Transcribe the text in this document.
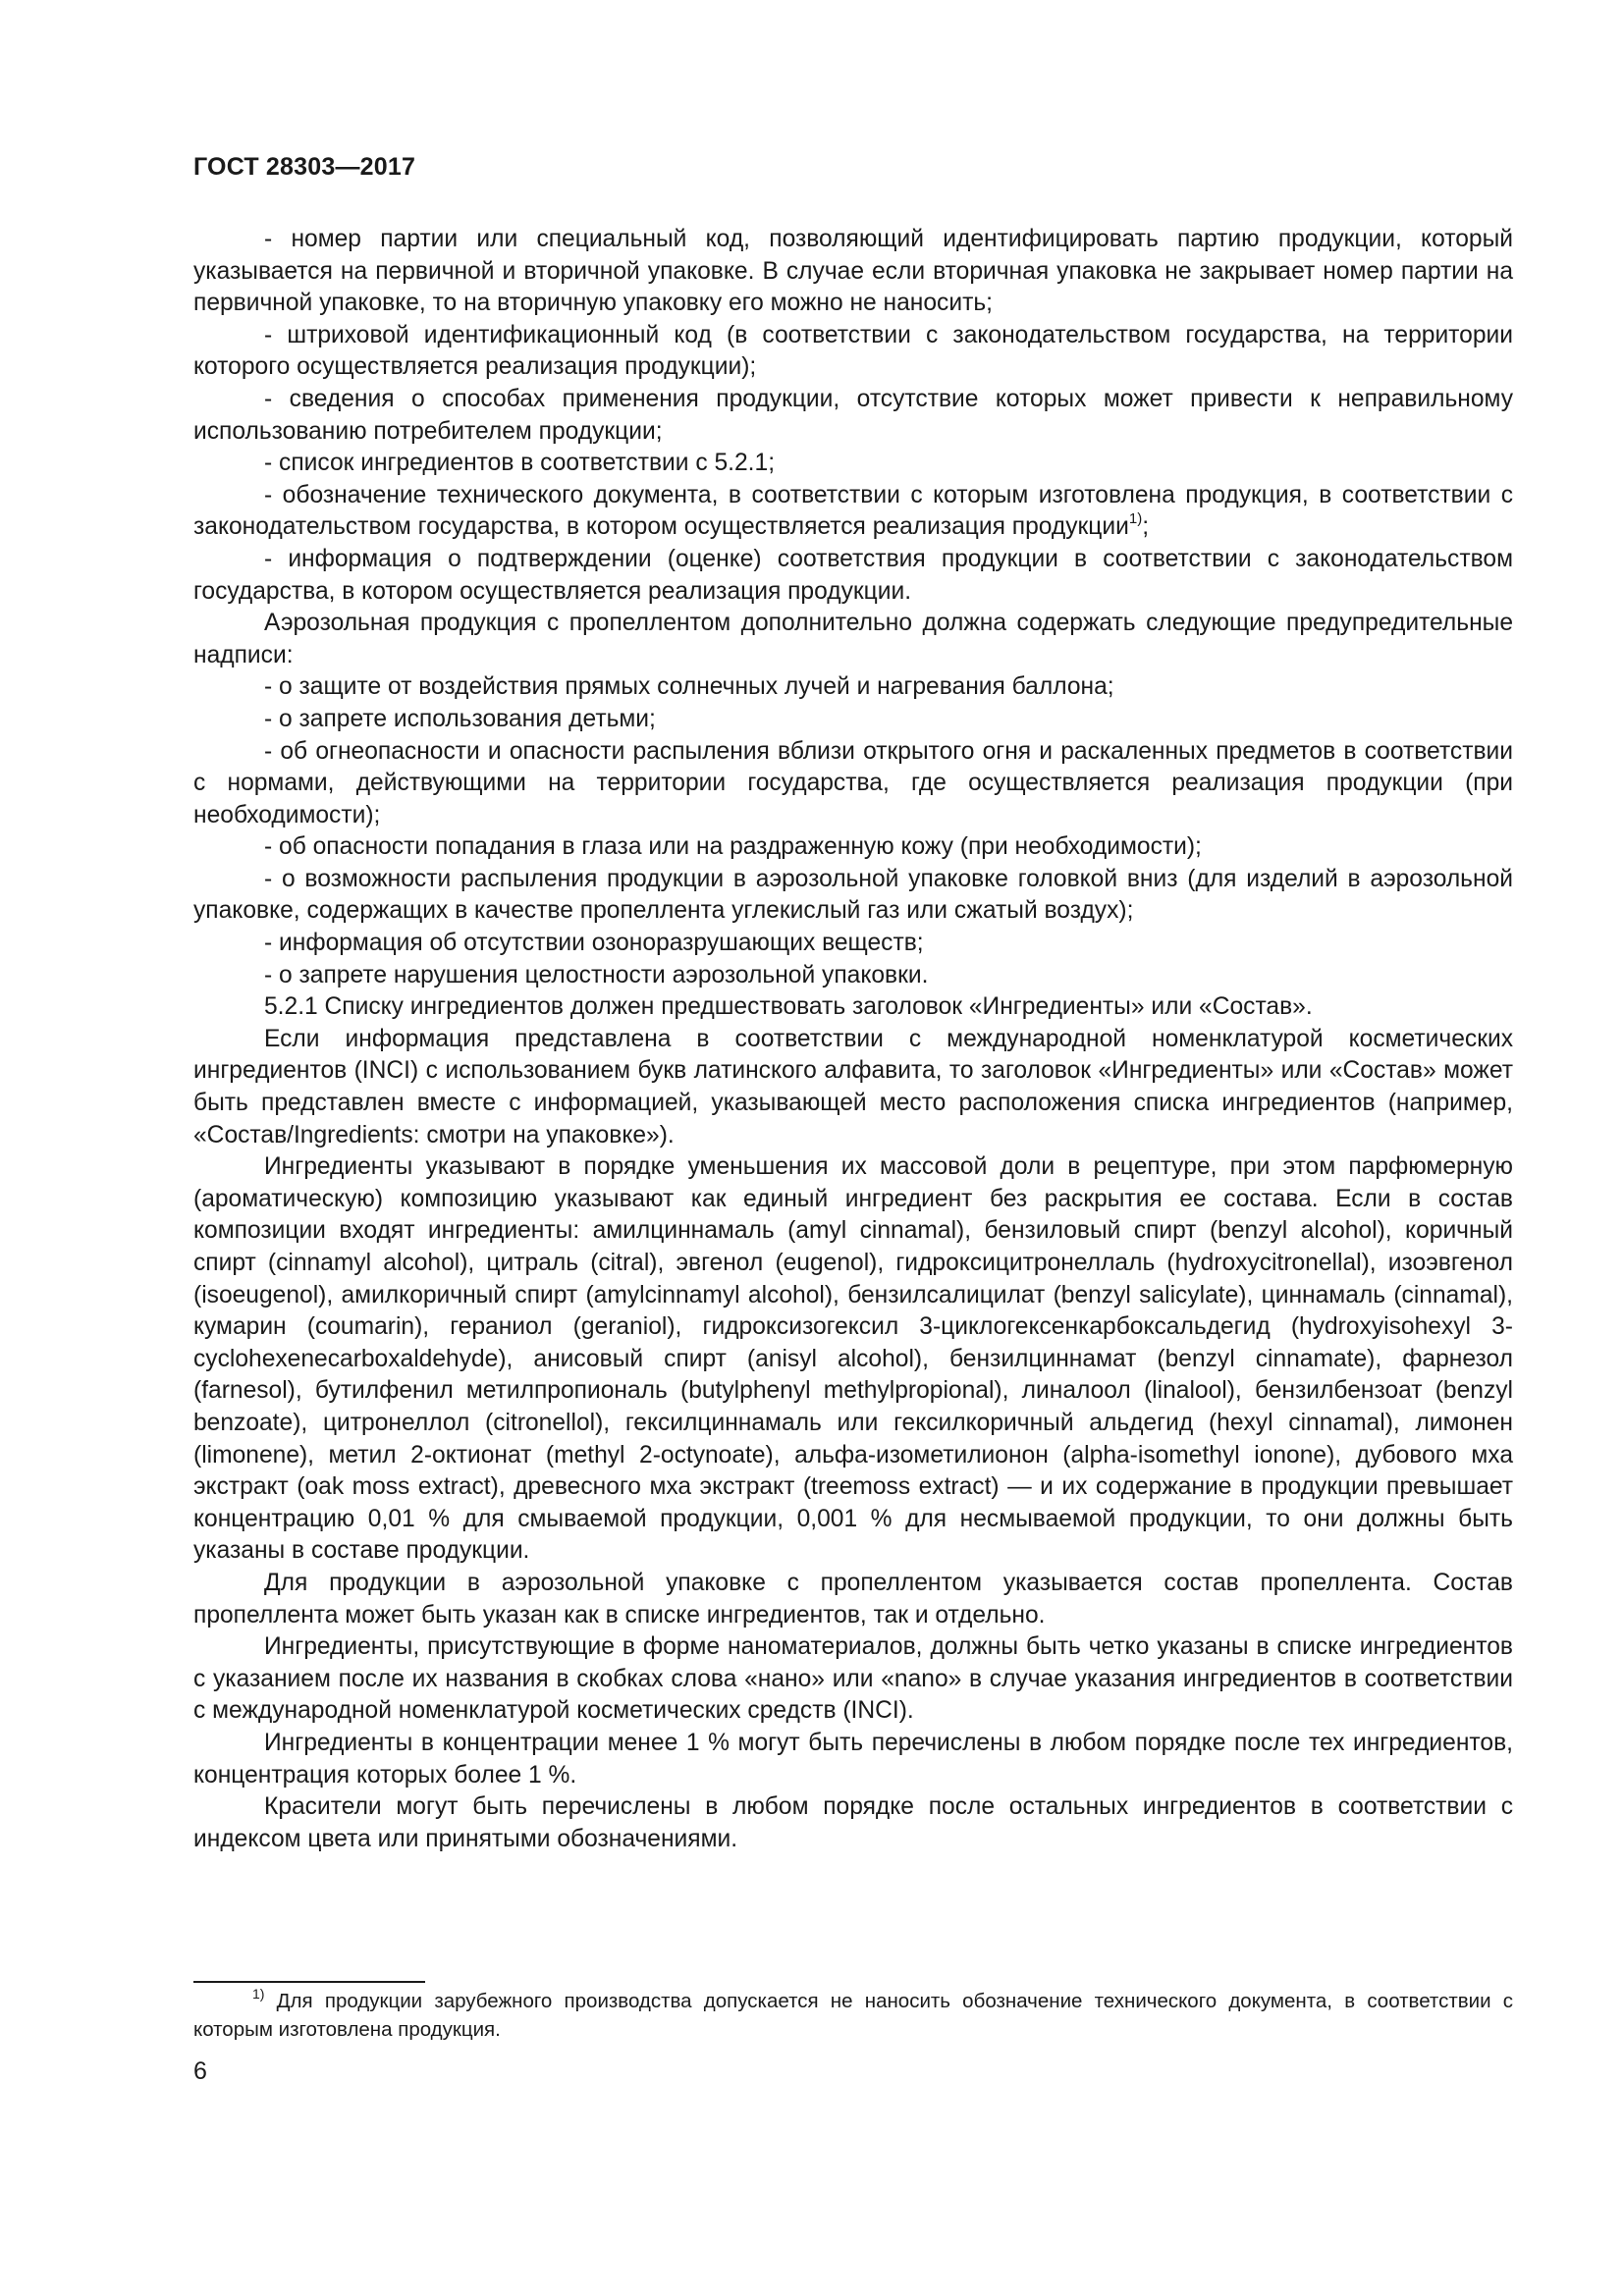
ГОСТ 28303—2017

- номер партии или специальный код, позволяющий идентифицировать партию продукции, который указывается на первичной и вторичной упаковке. В случае если вторичная упаковка не закрывает номер партии на первичной упаковке, то на вторичную упаковку его можно не наносить;

- штриховой идентификационный код (в соответствии с законодательством государства, на территории которого осуществляется реализация продукции);

- сведения о способах применения продукции, отсутствие которых может привести к неправильному использованию потребителем продукции;

- список ингредиентов в соответствии с 5.2.1;

- обозначение технического документа, в соответствии с которым изготовлена продукция, в соответствии с законодательством государства, в котором осуществляется реализация продукции$^{1)}$;

- информация о подтверждении (оценке) соответствия продукции в соответствии с законодательством государства, в котором осуществляется реализация продукции.

Аэрозольная продукция с пропеллентом дополнительно должна содержать следующие предупредительные надписи:

- о защите от воздействия прямых солнечных лучей и нагревания баллона;

- о запрете использования детьми;

- об огнеопасности и опасности распыления вблизи открытого огня и раскаленных предметов в соответствии с нормами, действующими на территории государства, где осуществляется реализация продукции (при необходимости);

- об опасности попадания в глаза или на раздраженную кожу (при необходимости);

- о возможности распыления продукции в аэрозольной упаковке головкой вниз (для изделий в аэрозольной упаковке, содержащих в качестве пропеллента углекислый газ или сжатый воздух);

- информация об отсутствии озоноразрушающих веществ;

- о запрете нарушения целостности аэрозольной упаковки.

5.2.1 Списку ингредиентов должен предшествовать заголовок «Ингредиенты» или «Состав».

Если информация представлена в соответствии с международной номенклатурой косметических ингредиентов (INCI) с использованием букв латинского алфавита, то заголовок «Ингредиенты» или «Состав» может быть представлен вместе с информацией, указывающей место расположения списка ингредиентов (например, «Состав/Ingredients: смотри на упаковке»).

Ингредиенты указывают в порядке уменьшения их массовой доли в рецептуре, при этом парфюмерную (ароматическую) композицию указывают как единый ингредиент без раскрытия ее состава. Если в состав композиции входят ингредиенты: амилциннамаль (amyl cinnamal), бензиловый спирт (benzyl alcohol), коричный спирт (cinnamyl alcohol), цитраль (citral), эвгенол (eugenol), гидроксицитронеллаль (hydroxycitronellal), изоэвгенол (isoeugenol), амилкоричный спирт (amylcinnamyl alcohol), бензилсалицилат (benzyl salicylate), циннамаль (cinnamal), кумарин (coumarin), гераниол (geraniol), гидроксизогексил 3-циклогексенкарбоксальдегид (hydroxyisohexyl 3-cyclohexenecarboxaldehyde), анисовый спирт (anisyl alcohol), бензилциннамат (benzyl cinnamate), фарнезол (farnesol), бутилфенил метилпропиональ (butylphenyl methylpropional), линалоол (linalool), бензилбензоат (benzyl benzoate), цитронеллол (citronellol), гексилциннамаль или гексилкоричный альдегид (hexyl cinnamal), лимонен (limonene), метил 2-октионат (methyl 2-octynoate), альфа-изометилионон (alpha-isomethyl ionone), дубового мха экстракт (oak moss extract), древесного мха экстракт (treemoss extract) — и их содержание в продукции превышает концентрацию 0,01 % для смываемой продукции, 0,001 % для несмываемой продукции, то они должны быть указаны в составе продукции.

Для продукции в аэрозольной упаковке с пропеллентом указывается состав пропеллента. Состав пропеллента может быть указан как в списке ингредиентов, так и отдельно.

Ингредиенты, присутствующие в форме наноматериалов, должны быть четко указаны в списке ингредиентов с указанием после их названия в скобках слова «нано» или «nano» в случае указания ингредиентов в соответствии с международной номенклатурой косметических средств (INCI).

Ингредиенты в концентрации менее 1 % могут быть перечислены в любом порядке после тех ингредиентов, концентрация которых более 1 %.

Красители могут быть перечислены в любом порядке после остальных ингредиентов в соответствии с индексом цвета или принятыми обозначениями.

$^{1)}$ Для продукции зарубежного производства допускается не наносить обозначение технического документа, в соответствии с которым изготовлена продукция.

6
